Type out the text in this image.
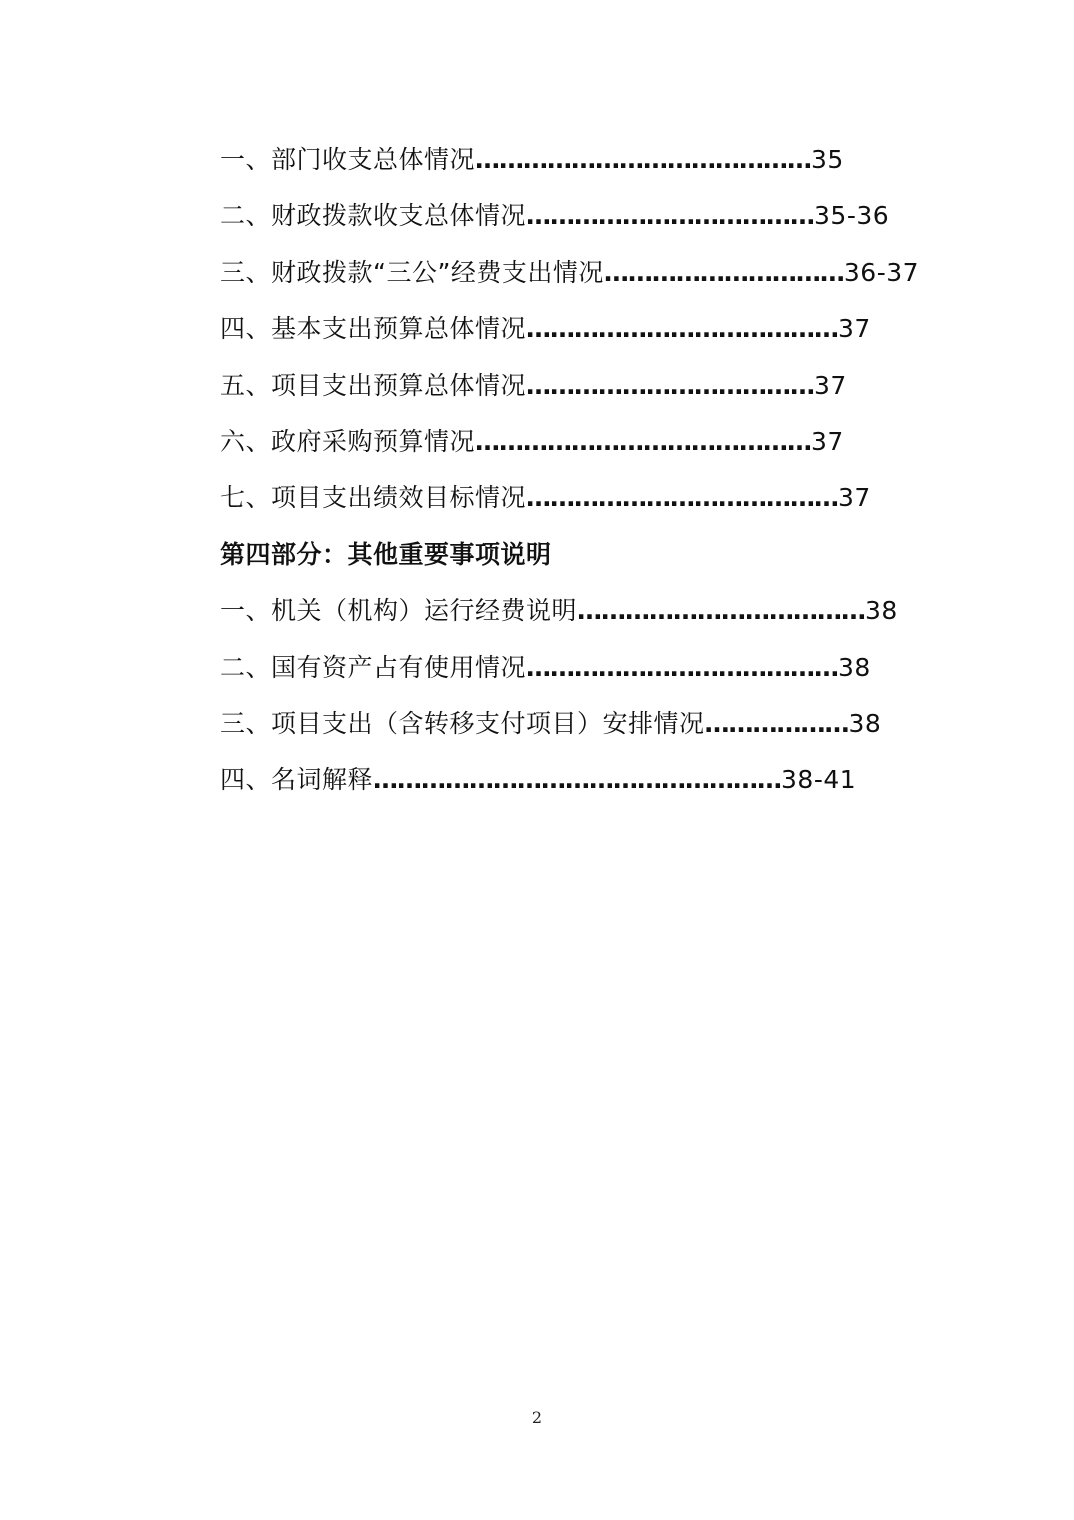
一、部门收支总体情况……………………………………35
二、财政拨款收支总体情况………………………………35-36
三、财政拨款“三公”经费支出情况…………………………36-37
四、基本支出预算总体情况…………………………………37
五、项目支出预算总体情况………………………………37
六、政府采购预算情况……………………………………37
七、项目支出绩效目标情况…………………………………37
第四部分：其他重要事项说明
一、机关（机构）运行经费说明………………………………38
二、国有资产占有使用情况…………………………………38
三、项目支出（含转移支付项目）安排情况………………38
四、名词解释……………………………………………38-41
2
